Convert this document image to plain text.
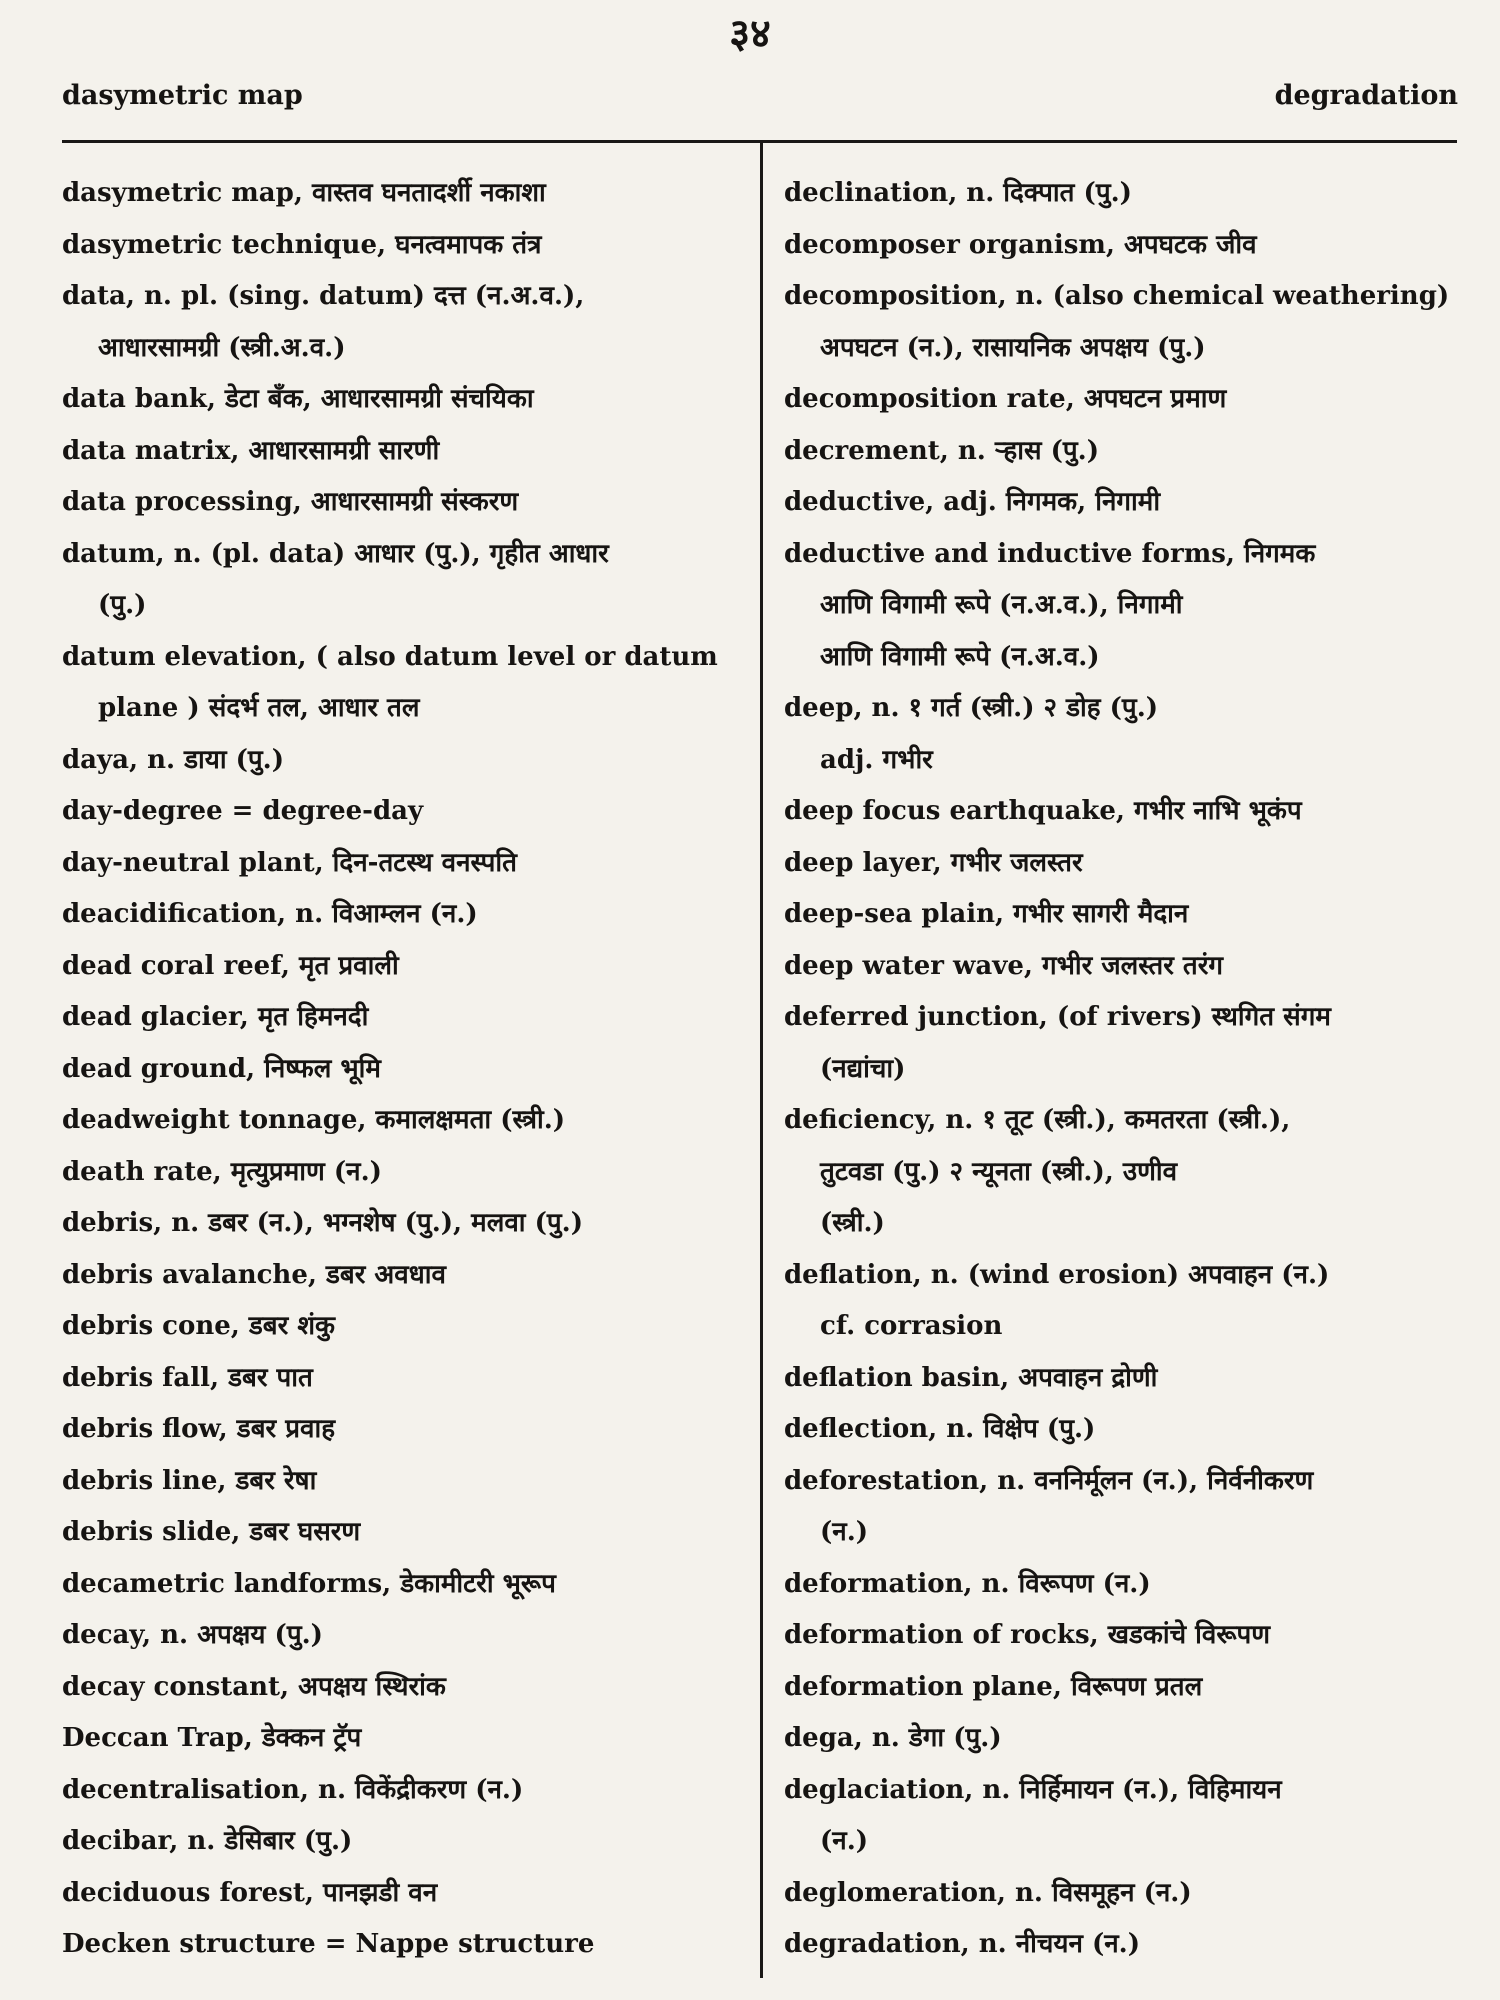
३४
dasymetric map	degradation
dasymetric map, वास्तव घनतादर्शी नकाशा
dasymetric technique, घनत्वमापक तंत्र
data, n. pl. (sing. datum) दत्त (न.अ.व.),
आधारसामग्री (स्त्री.अ.व.)
data bank, डेटा बँक, आधारसामग्री संचयिका
data matrix, आधारसामग्री सारणी
data processing, आधारसामग्री संस्करण
datum, n. (pl. data) आधार (पु.), गृहीत आधार
(पु.)
datum elevation, ( also datum level or datum
plane ) संदर्भ तल, आधार तल
daya, n. डाया (पु.)
day-degree = degree-day
day-neutral plant, दिन-तटस्थ वनस्पति
deacidification, n. विआम्लन (न.)
dead coral reef, मृत प्रवाली
dead glacier, मृत हिमनदी
dead ground, निष्फल भूमि
deadweight tonnage, कमालक्षमता (स्त्री.)
death rate, मृत्युप्रमाण (न.)
debris, n. डबर (न.), भग्नशेष (पु.), मलवा (पु.)
debris avalanche, डबर अवधाव
debris cone, डबर शंकु
debris fall, डबर पात
debris flow, डबर प्रवाह
debris line, डबर रेषा
debris slide, डबर घसरण
decametric landforms, डेकामीटरी भूरूप
decay, n. अपक्षय (पु.)
decay constant, अपक्षय स्थिरांक
Deccan Trap, डेक्कन ट्रॅप
decentralisation, n. विकेंद्रीकरण (न.)
decibar, n. डेसिबार (पु.)
deciduous forest, पानझडी वन
Decken structure = Nappe structure
declination, n. दिक्पात (पु.)
decomposer organism, अपघटक जीव
decomposition, n. (also chemical weathering)
अपघटन (न.), रासायनिक अपक्षय (पु.)
decomposition rate, अपघटन प्रमाण
decrement, n. ऱ्हास (पु.)
deductive, adj. निगमक, निगामी
deductive and inductive forms, निगमक
आणि विगामी रूपे (न.अ.व.), निगामी
आणि विगामी रूपे (न.अ.व.)
deep, n. १ गर्त (स्त्री.) २ डोह (पु.)
adj. गभीर
deep focus earthquake, गभीर नाभि भूकंप
deep layer, गभीर जलस्तर
deep-sea plain, गभीर सागरी मैदान
deep water wave, गभीर जलस्तर तरंग
deferred junction, (of rivers) स्थगित संगम
(नद्यांचा)
deficiency, n. १ तूट (स्त्री.), कमतरता (स्त्री.),
तुटवडा (पु.) २ न्यूनता (स्त्री.), उणीव
(स्त्री.)
deflation, n. (wind erosion) अपवाहन (न.)
cf. corrasion
deflation basin, अपवाहन द्रोणी
deflection, n. विक्षेप (पु.)
deforestation, n. वननिर्मूलन (न.), निर्वनीकरण
(न.)
deformation, n. विरूपण (न.)
deformation of rocks, खडकांचे विरूपण
deformation plane, विरूपण प्रतल
dega, n. डेगा (पु.)
deglaciation, n. निर्हिमायन (न.), विहिमायन
(न.)
deglomeration, n. विसमूहन (न.)
degradation, n. नीचयन (न.)
